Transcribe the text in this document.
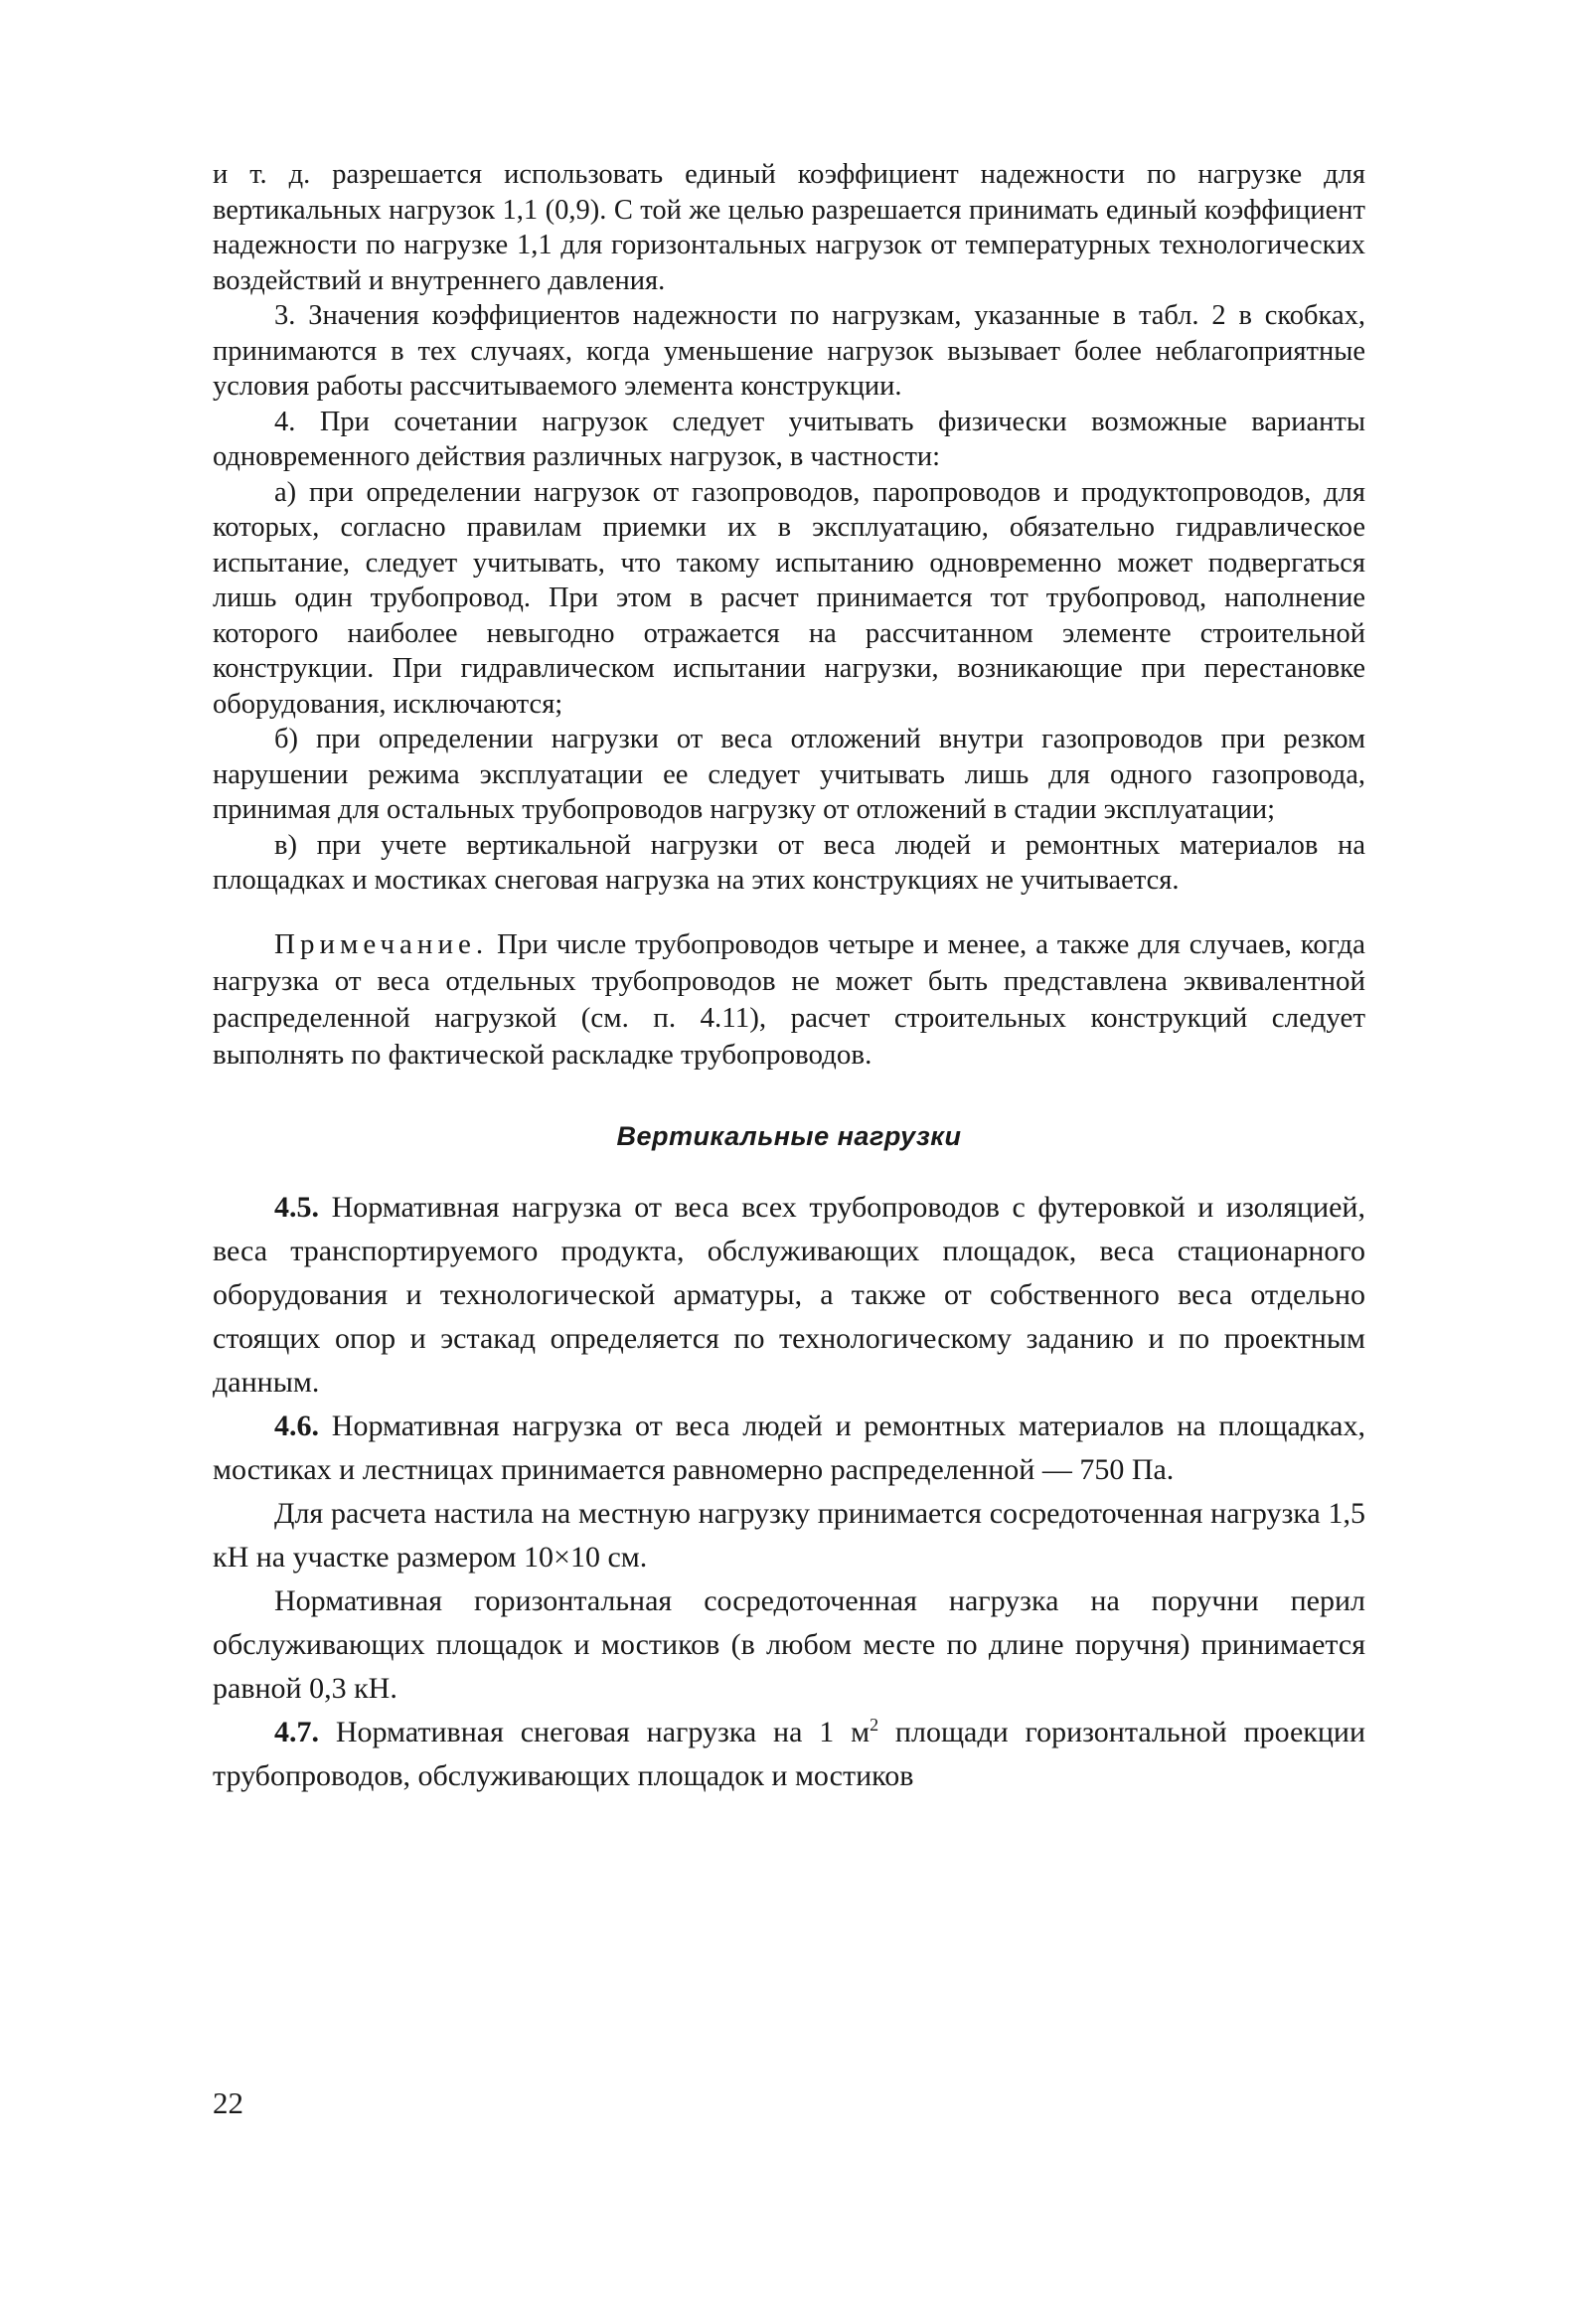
и т. д. разрешается использовать единый коэффициент надежности по нагрузке для вертикальных нагрузок 1,1 (0,9). С той же целью разрешается принимать единый коэффициент надежности по нагрузке 1,1 для горизонтальных нагрузок от температурных технологических воздействий и внутреннего давления.

3. Значения коэффициентов надежности по нагрузкам, указанные в табл. 2 в скобках, принимаются в тех случаях, когда уменьшение нагрузок вызывает более неблагоприятные условия работы рассчитываемого элемента конструкции.

4. При сочетании нагрузок следует учитывать физически возможные варианты одновременного действия различных нагрузок, в частности:

а) при определении нагрузок от газопроводов, паропроводов и продуктопроводов, для которых, согласно правилам приемки их в эксплуатацию, обязательно гидравлическое испытание, следует учитывать, что такому испытанию одновременно может подвергаться лишь один трубопровод. При этом в расчет принимается тот трубопровод, наполнение которого наиболее невыгодно отражается на рассчитанном элементе строительной конструкции. При гидравлическом испытании нагрузки, возникающие при перестановке оборудования, исключаются;

б) при определении нагрузки от веса отложений внутри газопроводов при резком нарушении режима эксплуатации ее следует учитывать лишь для одного газопровода, принимая для остальных трубопроводов нагрузку от отложений в стадии эксплуатации;

в) при учете вертикальной нагрузки от веса людей и ремонтных материалов на площадках и мостиках снеговая нагрузка на этих конструкциях не учитывается.

Примечание. При числе трубопроводов четыре и менее, а также для случаев, когда нагрузка от веса отдельных трубопроводов не может быть представлена эквивалентной распределенной нагрузкой (см. п. 4.11), расчет строительных конструкций следует выполнять по фактической раскладке трубопроводов.

Вертикальные нагрузки

4.5. Нормативная нагрузка от веса всех трубопроводов с футеровкой и изоляцией, веса транспортируемого продукта, обслуживающих площадок, веса стационарного оборудования и технологической арматуры, а также от собственного веса отдельно стоящих опор и эстакад определяется по технологическому заданию и по проектным данным.

4.6. Нормативная нагрузка от веса людей и ремонтных материалов на площадках, мостиках и лестницах принимается равномерно распределенной — 750 Па.

Для расчета настила на местную нагрузку принимается сосредоточенная нагрузка 1,5 кН на участке размером 10×10 см.

Нормативная горизонтальная сосредоточенная нагрузка на поручни перил обслуживающих площадок и мостиков (в любом месте по длине поручня) принимается равной 0,3 кН.

4.7. Нормативная снеговая нагрузка на 1 $м^2$ площади горизонтальной проекции трубопроводов, обслуживающих площадок и мостиков

22
